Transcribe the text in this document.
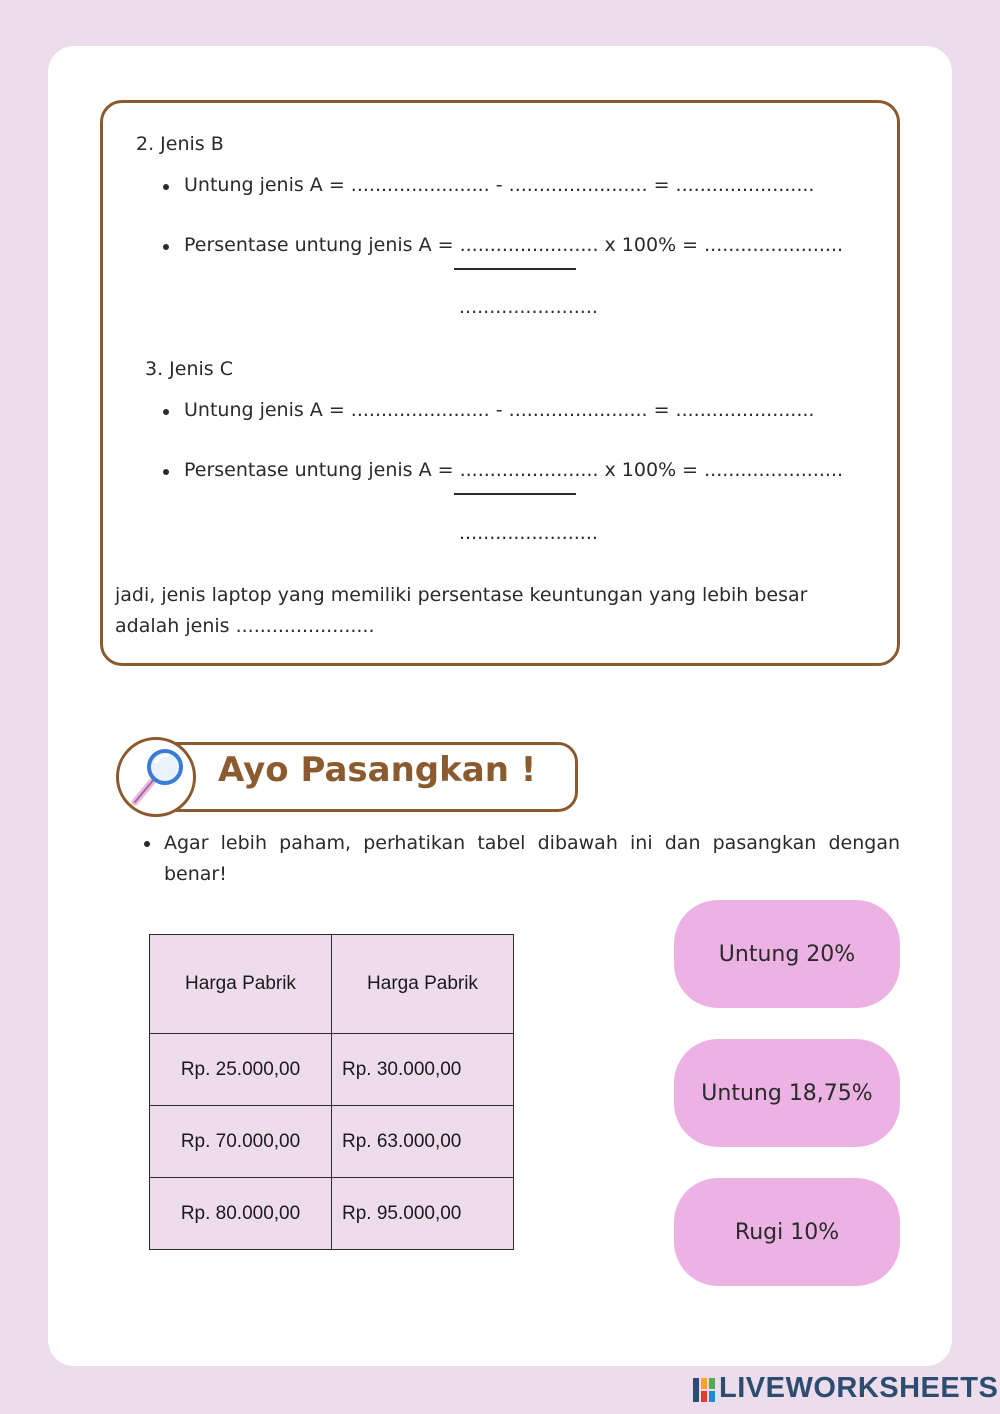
2. Jenis B
Untung jenis A = ....................... - ....................... = .......................
Persentase untung jenis A = ....................... x 100% = .......................
.......................
3. Jenis C
Untung jenis A = ....................... - ....................... = .......................
Persentase untung jenis A = ....................... x 100% = .......................
.......................
jadi, jenis laptop yang memiliki persentase keuntungan yang lebih besar adalah jenis .......................
Ayo Pasangkan !
Agar lebih paham, perhatikan tabel dibawah ini dan pasangkan dengan benar!
Harga Pabrik	Harga Pabrik
Rp. 25.000,00	Rp. 30.000,00
Rp. 70.000,00	Rp. 63.000,00
Rp. 80.000,00	Rp. 95.000,00
Untung 20%
Untung 18,75%
Rugi 10%
LIVEWORKSHEETS
